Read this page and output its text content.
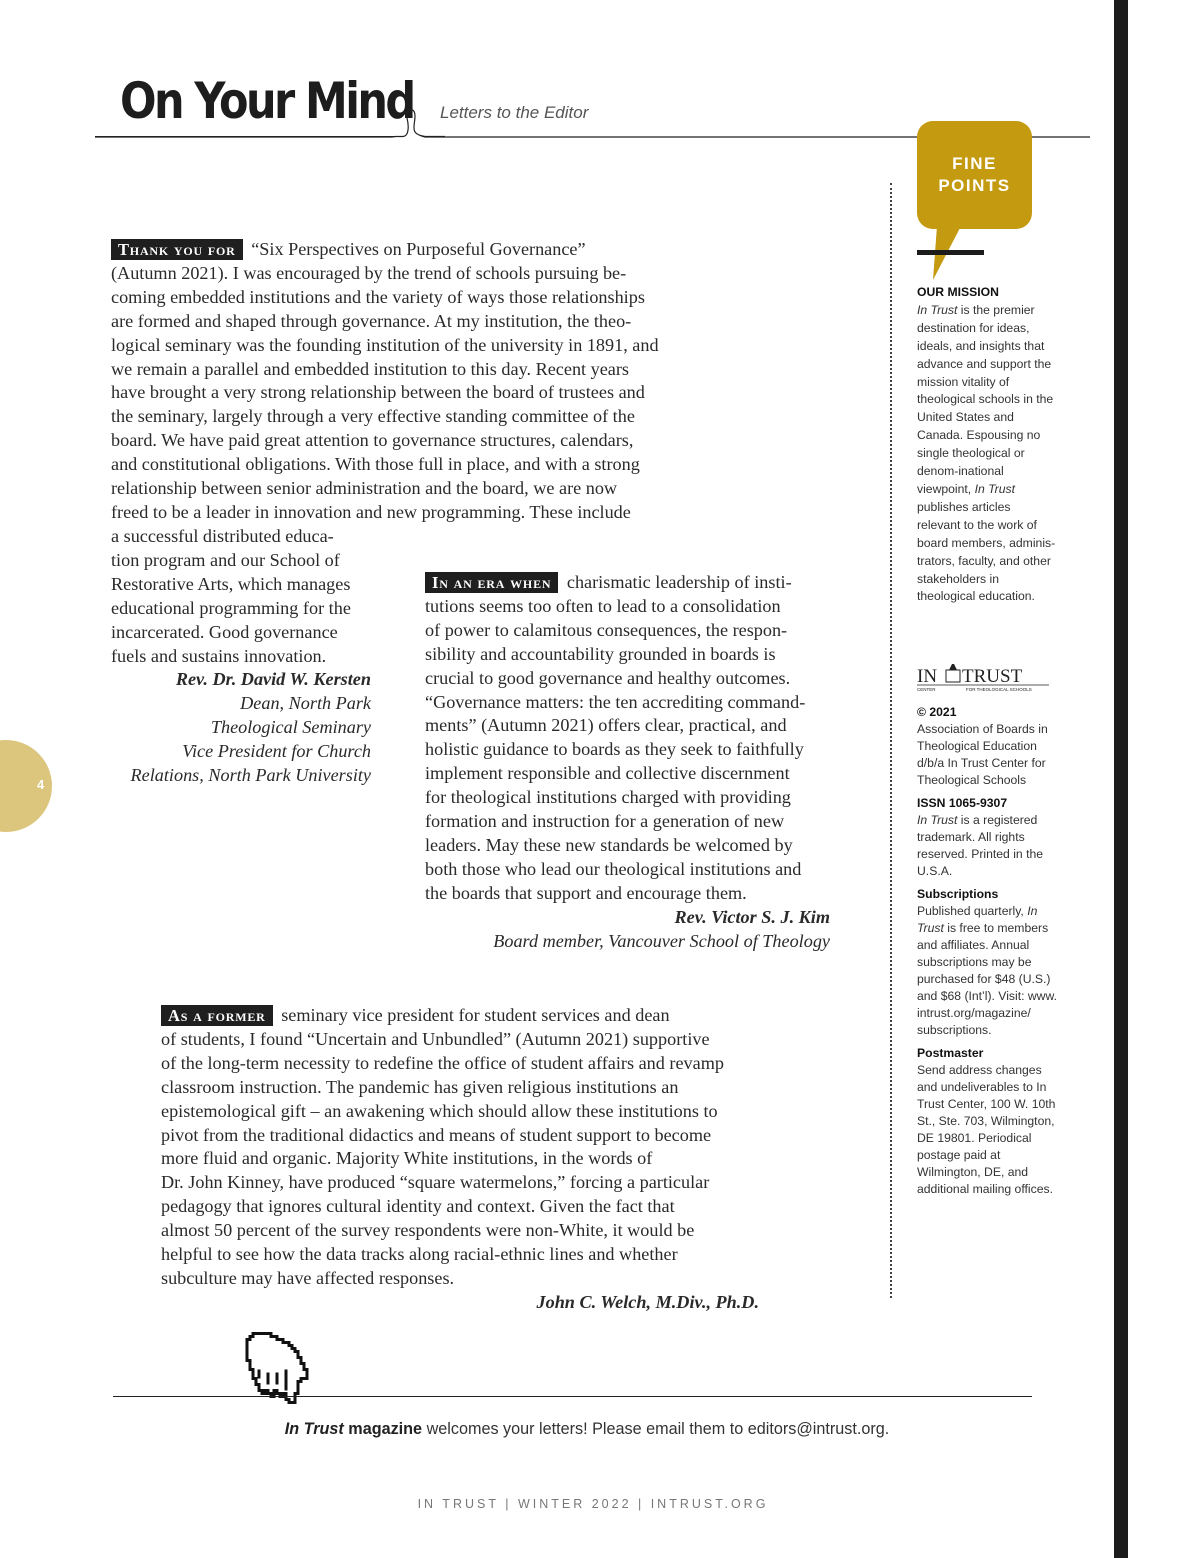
On Your Mind Letters to the Editor
FINE
POINTS

OUR MISSION

In Trust is the premier destination for ideas, ideals, and insights that advance and support the mission vitality of theological schools in the United States and Canada. Espousing no single theological or denom-inational viewpoint, In Trust publishes articles relevant to the work of board members, adminis-trators, faculty, and other stakeholders in theological education.

IN TRUST
CENTER	FOR THEOLOGICAL SCHOOLS
© 2021
Association of Boards in Theological Education d/b/a In Trust Center for Theological Schools
ISSN 1065-9307
In Trust is a registered trademark. All rights reserved. Printed in the U.S.A.
Subscriptions
Published quarterly, In Trust is free to members and affiliates. Annual subscriptions may be purchased for $48 (U.S.) and $68 (Int’l). Visit: www. intrust.org/magazine/ subscriptions.
Postmaster
Send address changes and undeliverables to In Trust Center, 100 W. 10th St., Ste. 703, Wilmington, DE 19801. Periodical postage paid at Wilmington, DE, and additional mailing offices.

Thank you for “Six Perspectives on Purposeful Governance”

(Autumn 2021). I was encouraged by the trend of schools pursuing be-

coming embedded institutions and the variety of ways those relationships

are formed and shaped through governance. At my institution, the theo-

logical seminary was the founding institution of the university in 1891, and

we remain a parallel and embedded institution to this day. Recent years

have brought a very strong relationship between the board of trustees and

the seminary, largely through a very effective standing committee of the

board. We have paid great attention to governance structures, calendars,

and constitutional obligations. With those full in place, and with a strong

relationship between senior administration and the board, we are now

freed to be a leader in innovation and new programming. These include

a successful distributed educa-

tion program and our School of

Restorative Arts, which manages

educational programming for the

incarcerated. Good governance

fuels and sustains innovation.

Rev. Dr. David W. Kersten

Dean, North Park

Theological Seminary

Vice President for Church

Relations, North Park University

In an era when charismatic leadership of insti-

tutions seems too often to lead to a consolidation

of power to calamitous consequences, the respon-

sibility and accountability grounded in boards is

crucial to good governance and healthy outcomes.

“Governance matters: the ten accrediting command-

ments” (Autumn 2021) offers clear, practical, and

holistic guidance to boards as they seek to faithfully

implement responsible and collective discernment

for theological institutions charged with providing

formation and instruction for a generation of new

leaders. May these new standards be welcomed by

both those who lead our theological institutions and

the boards that support and encourage them.

Rev. Victor S. J. Kim

Board member, Vancouver School of Theology

As a former seminary vice president for student services and dean

of students, I found “Uncertain and Unbundled” (Autumn 2021) supportive

of the long-term necessity to redefine the office of student affairs and revamp

classroom instruction. The pandemic has given religious institutions an

epistemological gift – an awakening which should allow these institutions to

pivot from the traditional didactics and means of student support to become

more fluid and organic. Majority White institutions, in the words of

Dr. John Kinney, have produced “square watermelons,” forcing a particular

pedagogy that ignores cultural identity and context. Given the fact that

almost 50 percent of the survey respondents were non-White, it would be

helpful to see how the data tracks along racial-ethnic lines and whether

subculture may have affected responses.

John C. Welch, M.Div., Ph.D.

4
In Trust magazine welcomes your letters! Please email them to editors@intrust.org.
IN TRUST | WINTER 2022 | INTRUST.ORG
